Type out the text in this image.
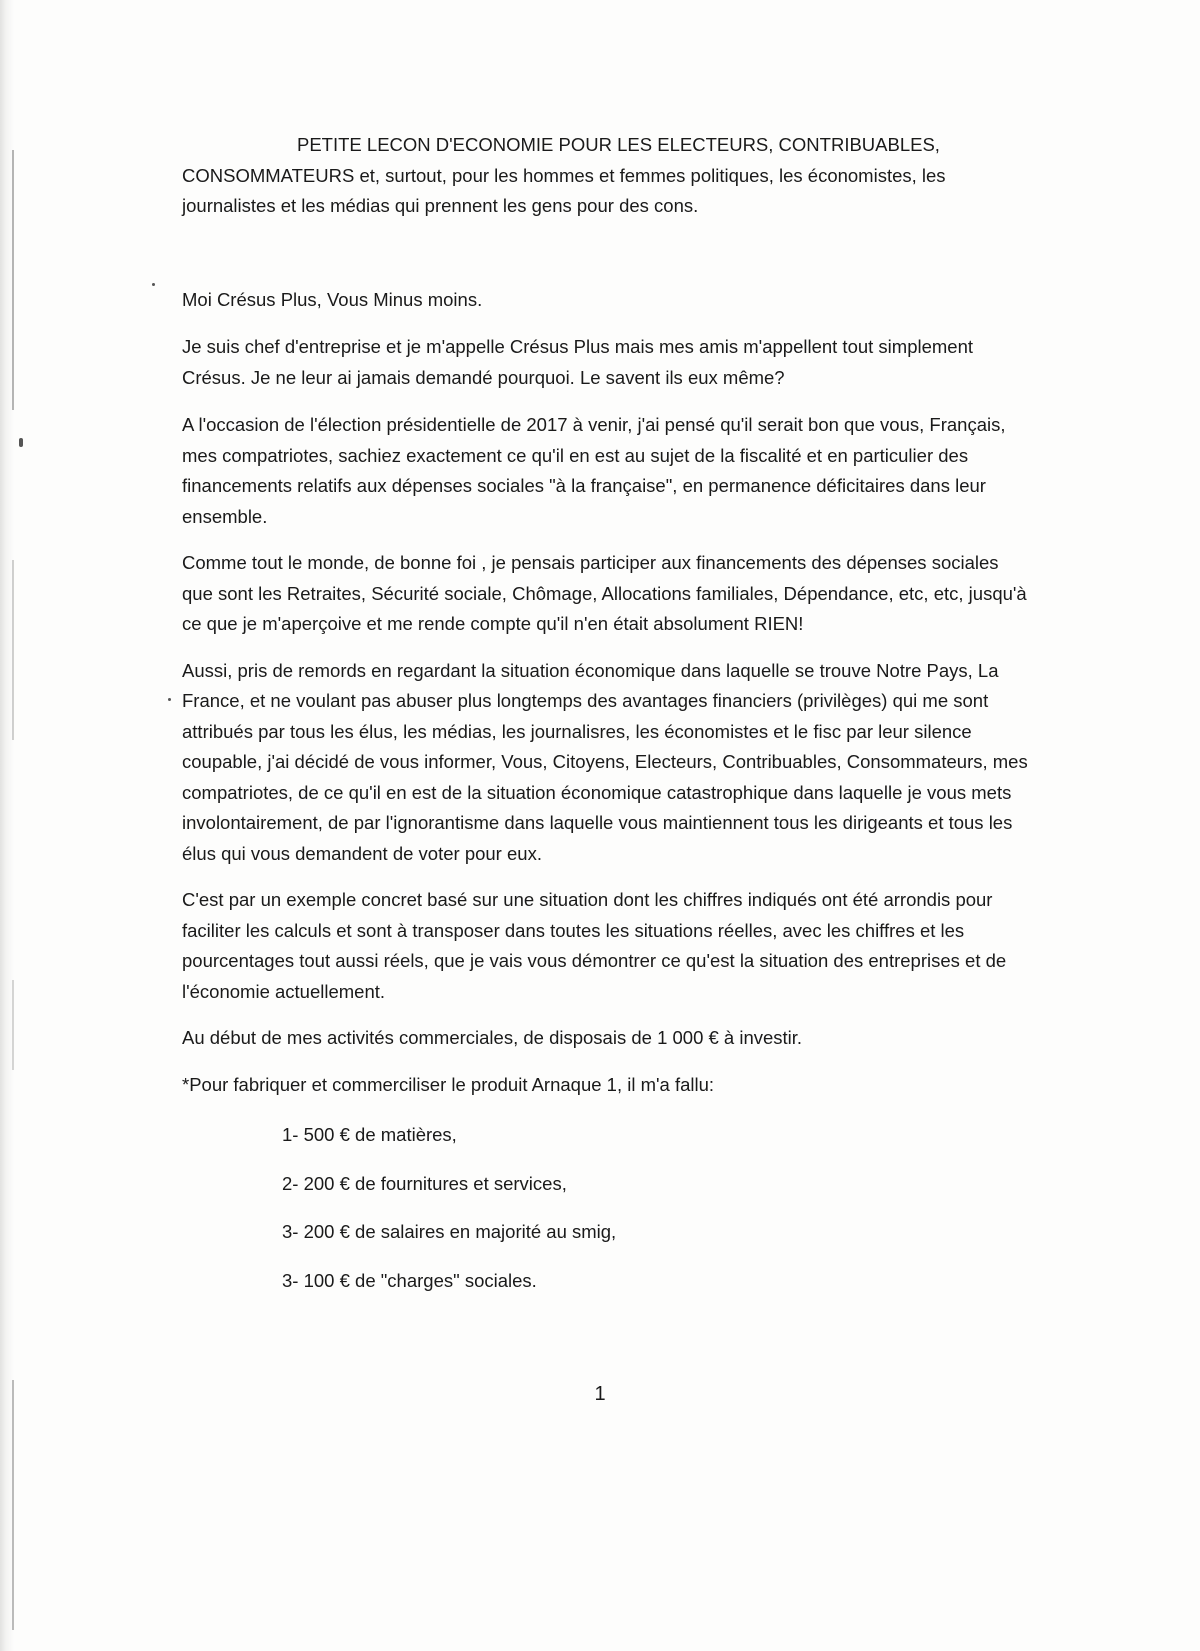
PETITE LECON D'ECONOMIE POUR LES ELECTEURS, CONTRIBUABLES, CONSOMMATEURS et, surtout, pour les hommes et femmes politiques, les économistes, les journalistes et les médias qui prennent les gens pour des cons.

Moi Crésus Plus, Vous Minus moins.

Je suis chef d'entreprise et je m'appelle Crésus Plus mais mes amis m'appellent tout simplement Crésus. Je ne leur ai jamais demandé pourquoi. Le savent ils eux même?

A l'occasion de l'élection présidentielle de 2017 à venir, j'ai pensé qu'il serait bon que vous, Français, mes compatriotes, sachiez exactement ce qu'il en est au sujet de la fiscalité et en particulier des financements relatifs aux dépenses sociales "à la française", en permanence déficitaires dans leur ensemble.

Comme tout le monde, de bonne foi , je pensais participer aux financements des dépenses sociales que sont les Retraites, Sécurité sociale, Chômage, Allocations familiales, Dépendance, etc, etc, jusqu'à ce que je m'aperçoive et me rende compte qu'il n'en était absolument RIEN!

Aussi, pris de remords en regardant la situation économique dans laquelle se trouve Notre Pays, La France, et ne voulant pas abuser plus longtemps des avantages financiers (privilèges) qui me sont attribués par tous les élus, les médias, les journalisres, les économistes et le fisc par leur silence coupable, j'ai décidé de vous informer, Vous, Citoyens, Electeurs, Contribuables, Consommateurs, mes compatriotes, de ce qu'il en est de la situation économique catastrophique dans laquelle je vous mets involontairement, de par l'ignorantisme dans laquelle vous maintiennent tous les dirigeants et tous les élus qui vous demandent de voter pour eux.

C'est par un exemple concret basé sur une situation dont les chiffres indiqués ont été arrondis pour faciliter les calculs et sont à transposer dans toutes les situations réelles, avec les chiffres et les pourcentages tout aussi réels, que je vais vous démontrer ce qu'est la situation des entreprises et de l'économie actuellement.

Au début de mes activités commerciales, de disposais de 1 000 € à investir.

*Pour fabriquer et commerciliser le produit Arnaque 1, il m'a fallu:

1- 500 € de matières,
2- 200 € de fournitures et services,
3- 200 € de salaires en majorité au smig,
3- 100 € de "charges" sociales.
1
